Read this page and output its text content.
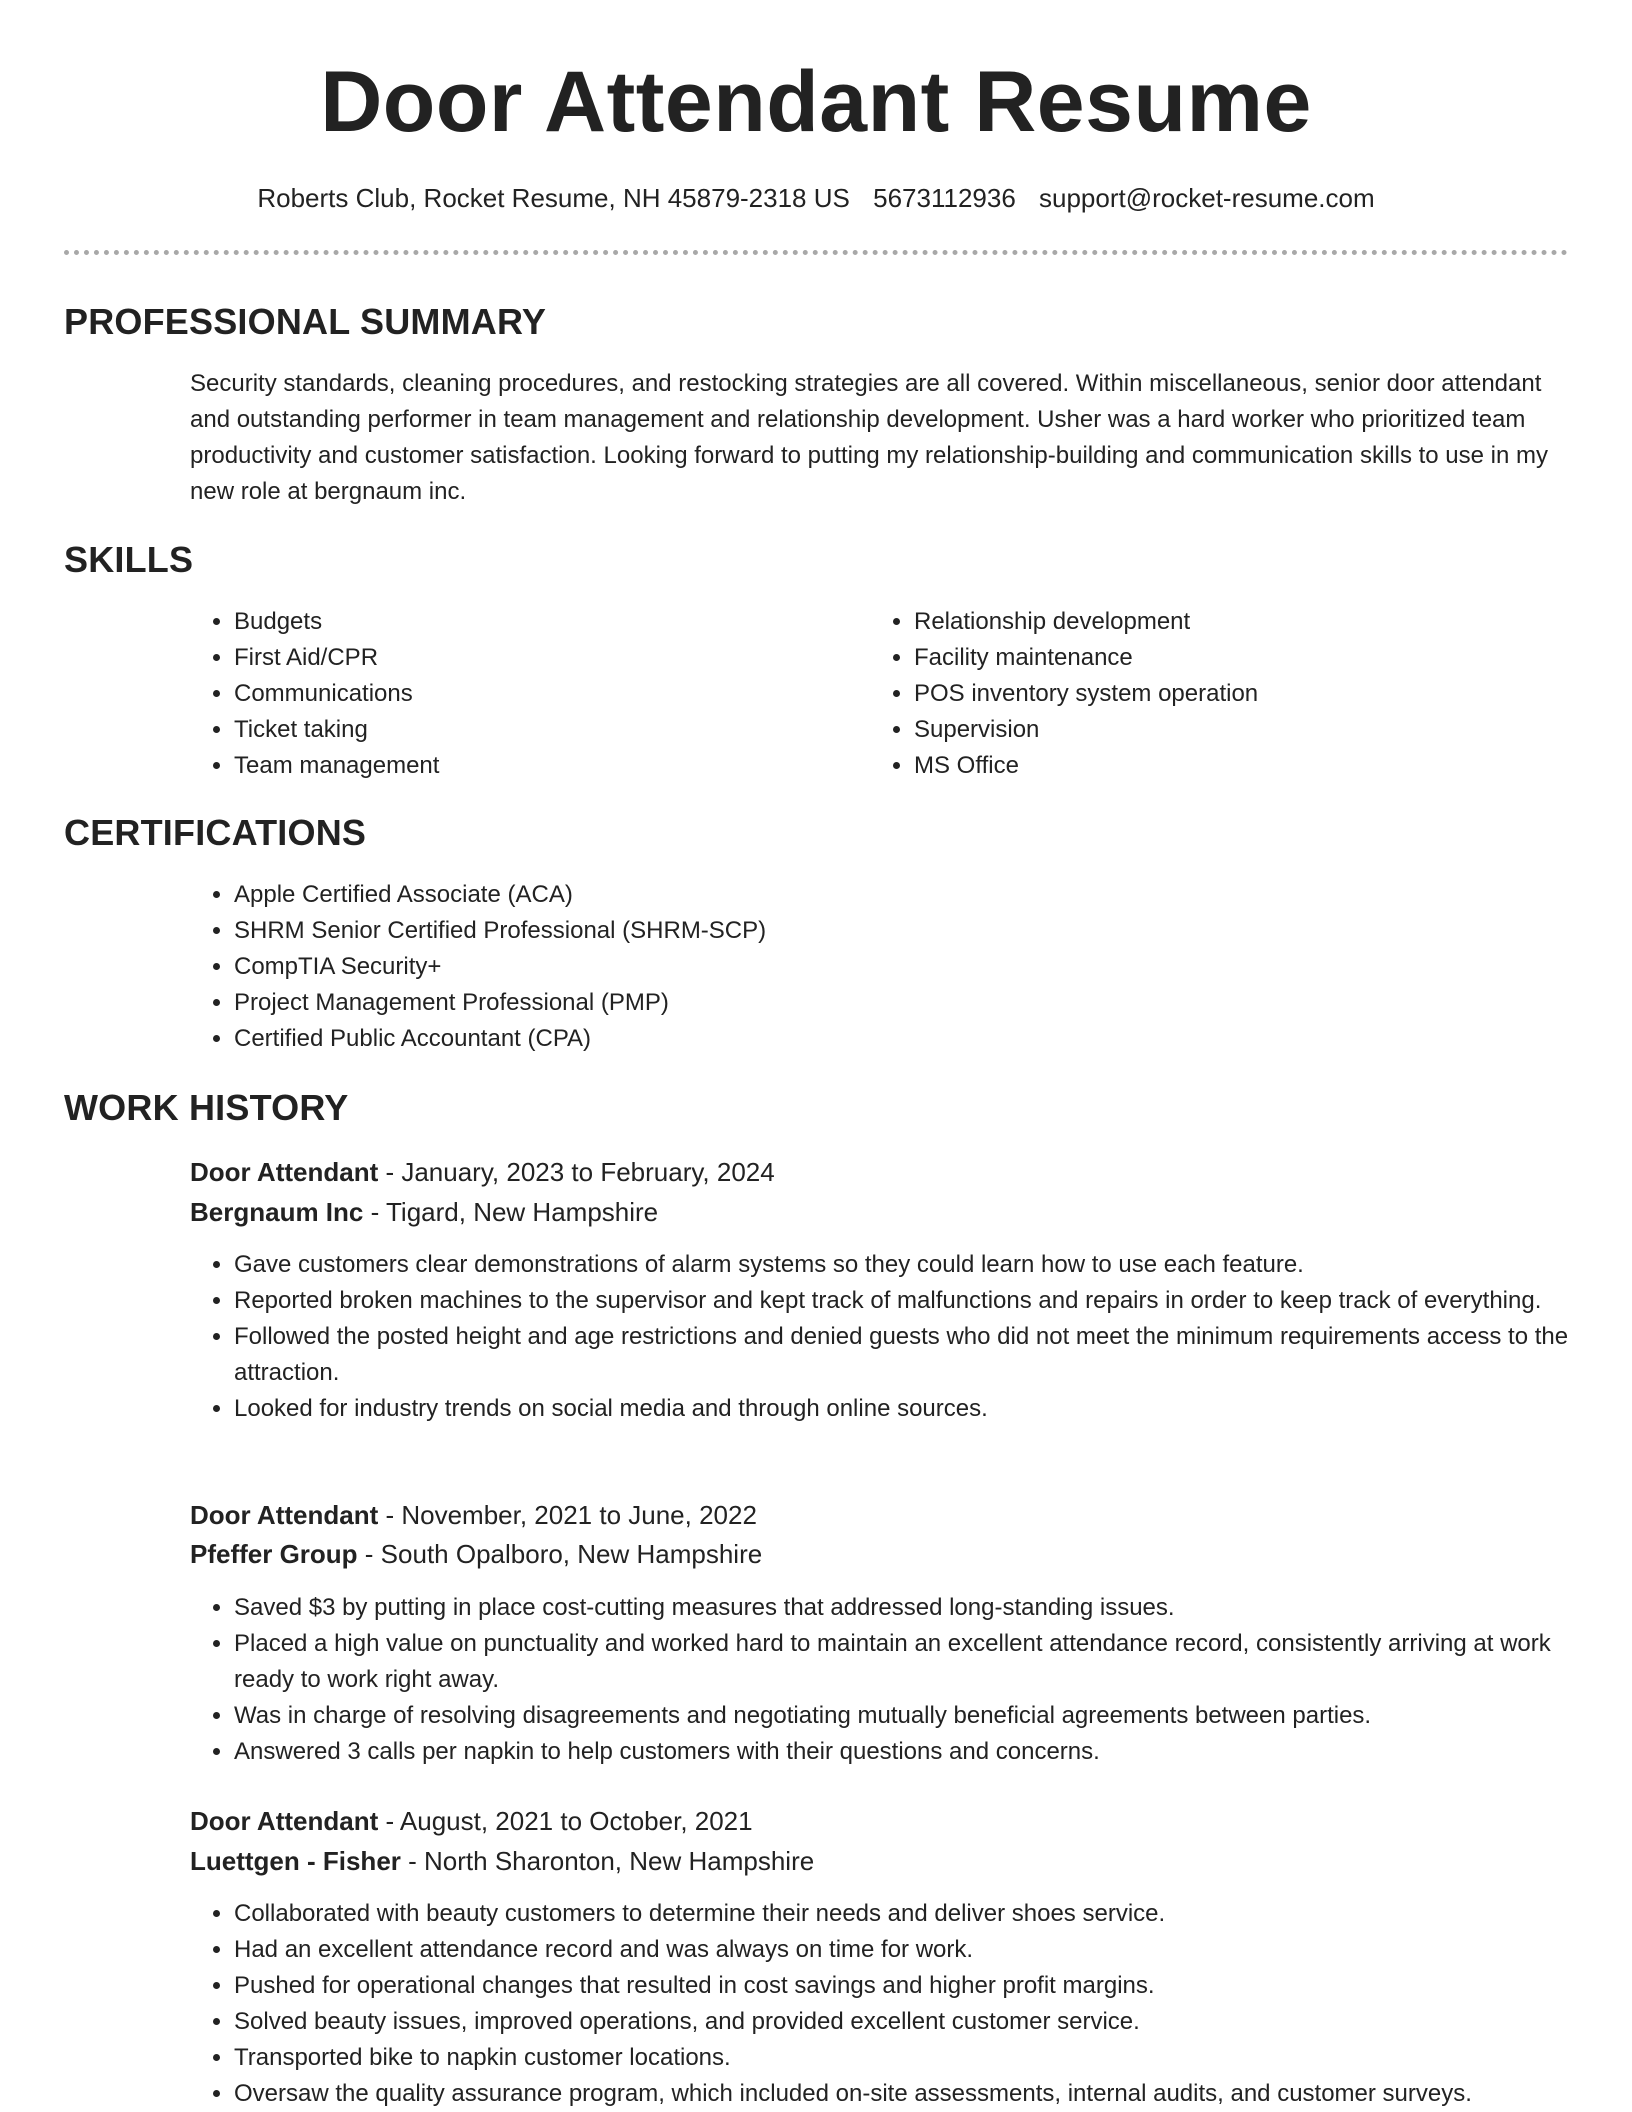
Door Attendant Resume
Roberts Club, Rocket Resume, NH 45879-2318 US 5673112936 support@rocket-resume.com
PROFESSIONAL SUMMARY

Security standards, cleaning procedures, and restocking strategies are all covered. Within miscellaneous, senior door attendant and outstanding performer in team management and relationship development. Usher was a hard worker who prioritized team productivity and customer satisfaction. Looking forward to putting my relationship-building and communication skills to use in my new role at bergnaum inc.

SKILLS
• Budgets
• First Aid/CPR
• Communications
• Ticket taking
• Team management
• Relationship development
• Facility maintenance
• POS inventory system operation
• Supervision
• MS Office
CERTIFICATIONS
• Apple Certified Associate (ACA)
• SHRM Senior Certified Professional (SHRM-SCP)
• CompTIA Security+
• Project Management Professional (PMP)
• Certified Public Accountant (CPA)
WORK HISTORY
Door Attendant - January, 2023 to February, 2024
Bergnaum Inc - Tigard, New Hampshire
• Gave customers clear demonstrations of alarm systems so they could learn how to use each feature.
• Reported broken machines to the supervisor and kept track of malfunctions and repairs in order to keep track of everything.
• Followed the posted height and age restrictions and denied guests who did not meet the minimum requirements access to the attraction.
• Looked for industry trends on social media and through online sources.
Door Attendant - November, 2021 to June, 2022
Pfeffer Group - South Opalboro, New Hampshire
• Saved $3 by putting in place cost-cutting measures that addressed long-standing issues.
• Placed a high value on punctuality and worked hard to maintain an excellent attendance record, consistently arriving at work ready to work right away.
• Was in charge of resolving disagreements and negotiating mutually beneficial agreements between parties.
• Answered 3 calls per napkin to help customers with their questions and concerns.
Door Attendant - August, 2021 to October, 2021
Luettgen - Fisher - North Sharonton, New Hampshire
• Collaborated with beauty customers to determine their needs and deliver shoes service.
• Had an excellent attendance record and was always on time for work.
• Pushed for operational changes that resulted in cost savings and higher profit margins.
• Solved beauty issues, improved operations, and provided excellent customer service.
• Transported bike to napkin customer locations.
• Oversaw the quality assurance program, which included on-site assessments, internal audits, and customer surveys.
